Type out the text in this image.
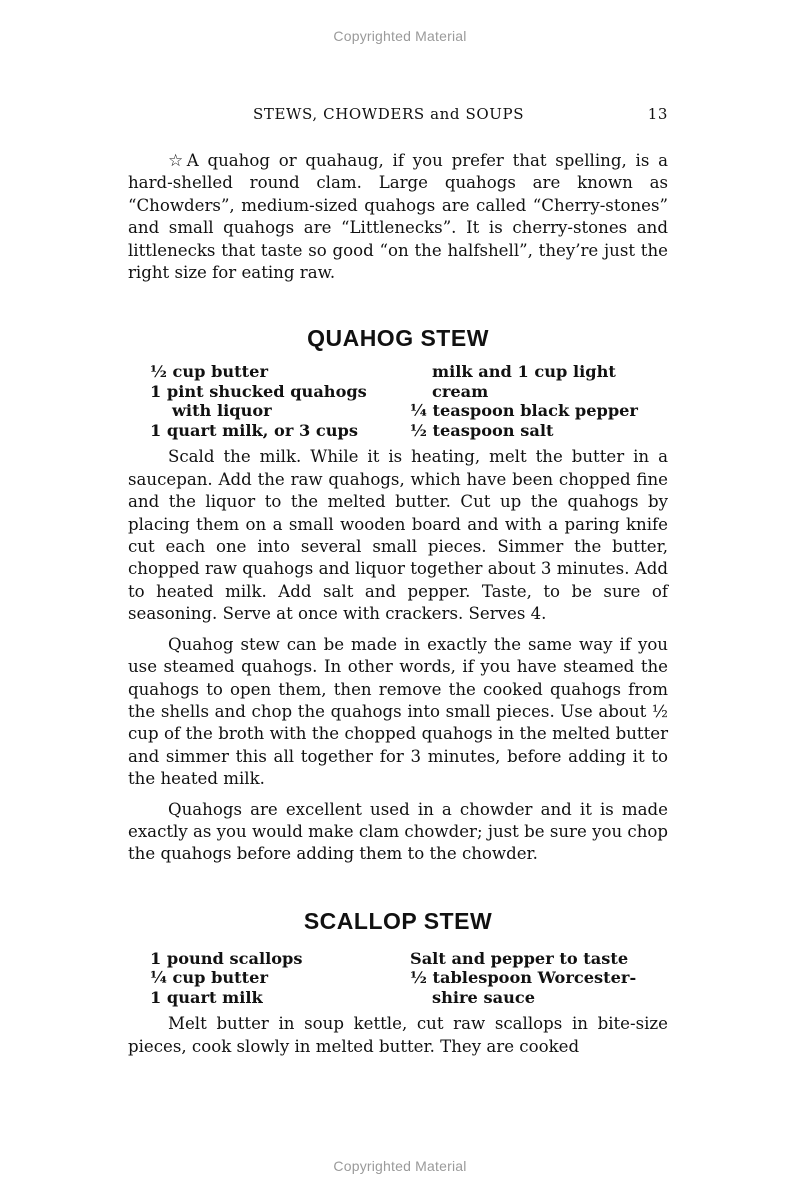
Copyrighted Material
STEWS, CHOWDERS and SOUPS	13

☆A quahog or quahaug, if you prefer that spelling, is a hard-shelled round clam. Large quahogs are known as “Chowders”, medium-sized quahogs are called “Cherry-stones” and small quahogs are “Littlenecks”. It is cherry-stones and littlenecks that taste so good “on the halfshell”, they’re just the right size for eating raw.

QUAHOG STEW
½ cup butter
1 pint shucked quahogs
with liquor
1 quart milk, or 3 cups
milk and 1 cup light
cream
¼ teaspoon black pepper
½ teaspoon salt

Scald the milk. While it is heating, melt the butter in a saucepan. Add the raw quahogs, which have been chopped fine and the liquor to the melted butter. Cut up the quahogs by placing them on a small wooden board and with a paring knife cut each one into several small pieces. Simmer the butter, chopped raw quahogs and liquor together about 3 minutes. Add to heated milk. Add salt and pepper. Taste, to be sure of seasoning. Serve at once with crackers. Serves 4.

Quahog stew can be made in exactly the same way if you use steamed quahogs. In other words, if you have steamed the quahogs to open them, then remove the cooked quahogs from the shells and chop the quahogs into small pieces. Use about ½ cup of the broth with the chopped quahogs in the melted butter and simmer this all together for 3 minutes, before adding it to the heated milk.

Quahogs are excellent used in a chowder and it is made exactly as you would make clam chowder; just be sure you chop the quahogs before adding them to the chowder.

SCALLOP STEW
1 pound scallops
¼ cup butter
1 quart milk
Salt and pepper to taste
½ tablespoon Worcester-
shire sauce

Melt butter in soup kettle, cut raw scallops in bite-size pieces, cook slowly in melted butter. They are cooked

Copyrighted Material
